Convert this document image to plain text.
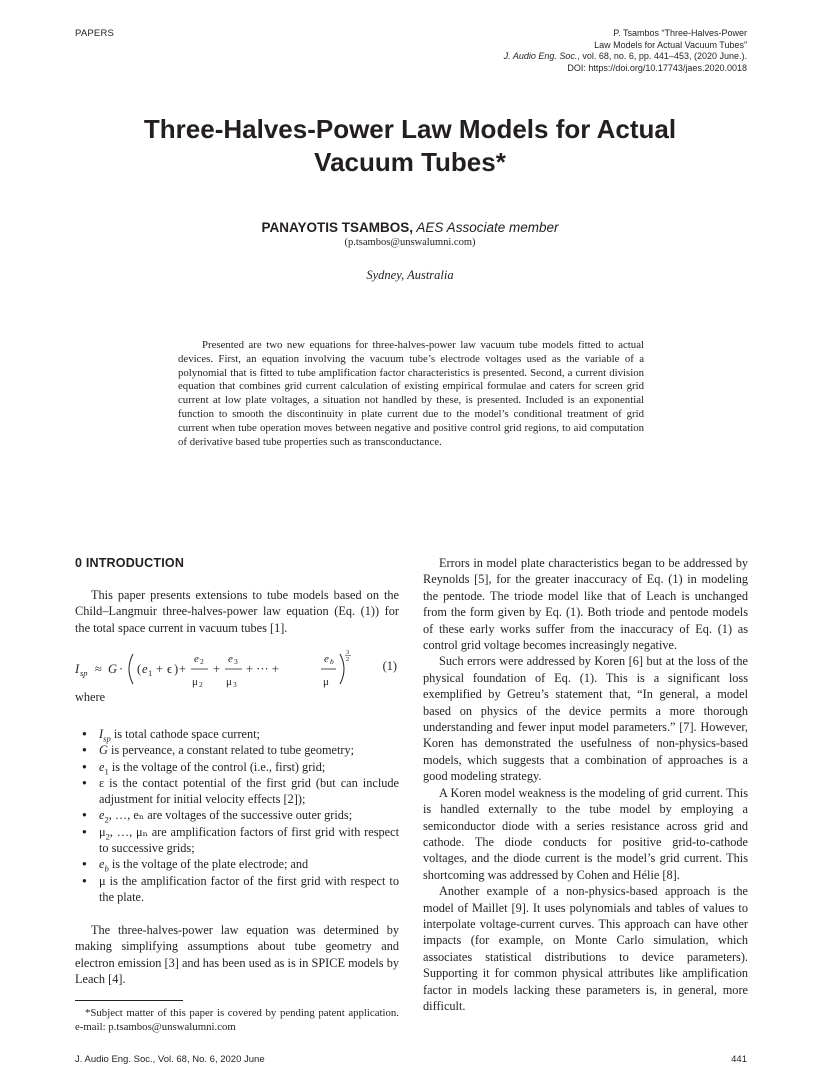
PAPERS	P. Tsambos “Three-Halves-Power
Law Models for Actual Vacuum Tubes”
J. Audio Eng. Soc., vol. 68, no. 6, pp. 441–453, (2020 June.).
DOI: https://doi.org/10.17743/jaes.2020.0018
Three-Halves-Power Law Models for Actual
Vacuum Tubes*
PANAYOTIS TSAMBOS, AES Associate member
(p.tsambos@unswalumni.com)
Sydney, Australia
Presented are two new equations for three-halves-power law vacuum tube models fitted to actual devices. First, an equation involving the vacuum tube’s electrode voltages used as the variable of a polynomial that is fitted to tube amplification factor characteristics is presented. Second, a current division equation that combines grid current calculation of existing empirical formulae and caters for screen grid current at low plate voltages, a situation not handled by these, is presented. Included is an exponential function to smooth the discontinuity in plate current due to the model’s conditional treatment of grid current when tube operation moves between negative and positive control grid regions, to aid computation of derivative based tube properties such as transconductance.
0 INTRODUCTION

This paper presents extensions to tube models based on the Child–Langmuir three-halves-power law equation (Eq. (1)) for the total space current in vacuum tubes [1].

I sp ≈ G · ( e 1 + ϵ ) +
e 2
μ 2
+
e 3
μ 3
+ ··· +
e b
μ
3
2	(1)
where
● $I_{sp}$ is total cathode space current;
● G is perveance, a constant related to tube geometry;
● $e_1$ is the voltage of the control (i.e., first) grid;
● ε is the contact potential of the first grid (but can include adjustment for initial velocity effects [2]);
● $e_2$, …, eₙ are voltages of the successive outer grids;
● $\mu_2$, …, μₙ are amplification factors of first grid with respect to successive grids;
● $e_b$ is the voltage of the plate electrode; and
● μ is the amplification factor of the first grid with respect to the plate.

The three-halves-power law equation was determined by making simplifying assumptions about tube geometry and electron emission [3] and has been used as is in SPICE models by Leach [4].

*Subject matter of this paper is covered by pending patent application. e-mail: p.tsambos@unswalumni.com

Errors in model plate characteristics began to be addressed by Reynolds [5], for the greater inaccuracy of Eq. (1) in modeling the pentode. The triode model like that of Leach is unchanged from the form given by Eq. (1). Both triode and pentode models of these early works suffer from the inaccuracy of Eq. (1) as control grid voltage becomes increasingly negative.

Such errors were addressed by Koren [6] but at the loss of the physical foundation of Eq. (1). This is a significant loss exemplified by Getreu’s statement that, “In general, a model based on physics of the device permits a more thorough understanding and fewer input model parameters.” [7]. However, Koren has demonstrated the usefulness of non-physics-based models, which suggests that a combination of approaches is a good modeling strategy.

A Koren model weakness is the modeling of grid current. This is handled externally to the tube model by employing a semiconductor diode with a series resistance across grid and cathode. The diode conducts for positive grid-to-cathode voltages, and the diode current is the model’s grid current. This shortcoming was addressed by Cohen and Hélie [8].

Another example of a non-physics-based approach is the model of Maillet [9]. It uses polynomials and tables of values to interpolate voltage-current curves. This approach can have other impacts (for example, on Monte Carlo simulation, which associates statistical distributions to device parameters). Supporting it for common physical attributes like amplification factor in models lacking these parameters is, in general, more difficult.

J. Audio Eng. Soc., Vol. 68, No. 6, 2020 June	441
